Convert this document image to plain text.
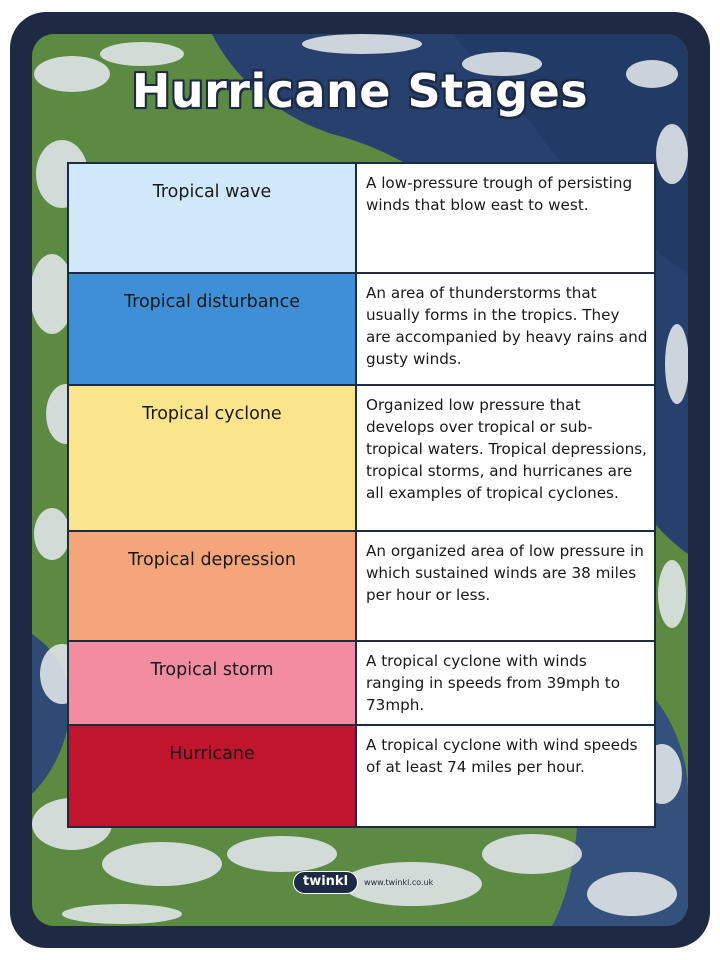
Hurricane Stages
Tropical wave	A low-pressure trough of persisting winds that blow east to west.
Tropical disturbance	An area of thunderstorms that usually forms in the tropics. They are accompanied by heavy rains and gusty winds.
Tropical cyclone	Organized low pressure that develops over tropical or sub-tropical waters. Tropical depressions, tropical storms, and hurricanes are all examples of tropical cyclones.
Tropical depression	An organized area of low pressure in which sustained winds are 38 miles per hour or less.
Tropical storm	A tropical cyclone with winds ranging in speeds from 39mph to 73mph.
Hurricane	A tropical cyclone with wind speeds of at least 74 miles per hour.
twinkl	www.twinkl.co.uk
